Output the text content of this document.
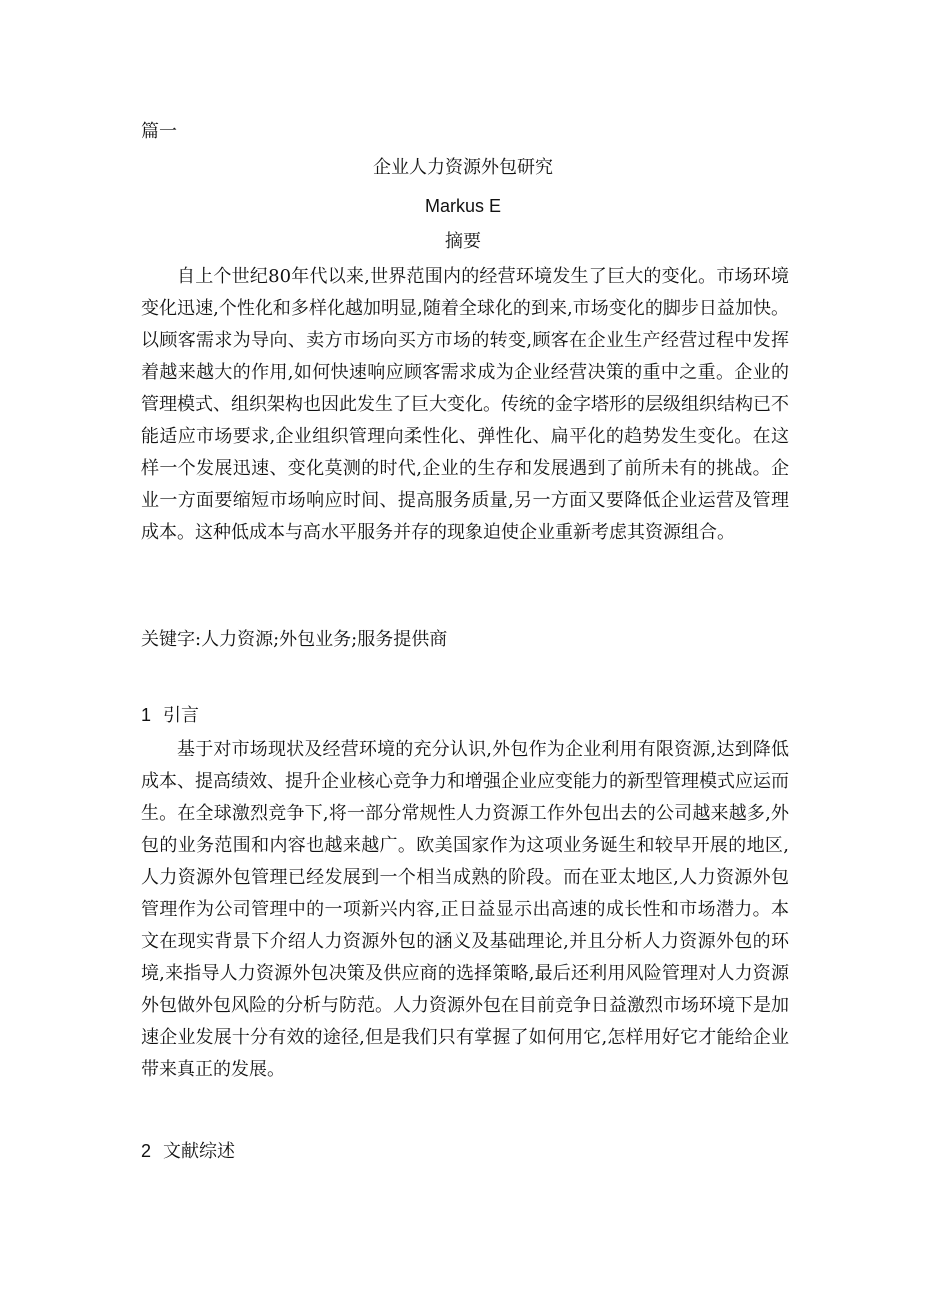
篇一
企业人力资源外包研究
Markus E
摘要

自上个世纪80年代以来,世界范围内的经营环境发生了巨大的变化。市场环境变化迅速,个性化和多样化越加明显,随着全球化的到来,市场变化的脚步日益加快。以顾客需求为导向、卖方市场向买方市场的转变,顾客在企业生产经营过程中发挥着越来越大的作用,如何快速响应顾客需求成为企业经营决策的重中之重。企业的管理模式、组织架构也因此发生了巨大变化。传统的金字塔形的层级组织结构已不能适应市场要求,企业组织管理向柔性化、弹性化、扁平化的趋势发生变化。在这样一个发展迅速、变化莫测的时代,企业的生存和发展遇到了前所未有的挑战。企业一方面要缩短市场响应时间、提高服务质量,另一方面又要降低企业运营及管理成本。这种低成本与高水平服务并存的现象迫使企业重新考虑其资源组合。

关键字:人力资源;外包业务;服务提供商
1 引言

基于对市场现状及经营环境的充分认识,外包作为企业利用有限资源,达到降低成本、提高绩效、提升企业核心竞争力和增强企业应变能力的新型管理模式应运而生。在全球激烈竞争下,将一部分常规性人力资源工作外包出去的公司越来越多,外包的业务范围和内容也越来越广。欧美国家作为这项业务诞生和较早开展的地区,人力资源外包管理已经发展到一个相当成熟的阶段。而在亚太地区,人力资源外包管理作为公司管理中的一项新兴内容,正日益显示出高速的成长性和市场潜力。本文在现实背景下介绍人力资源外包的涵义及基础理论,并且分析人力资源外包的环境,来指导人力资源外包决策及供应商的选择策略,最后还利用风险管理对人力资源外包做外包风险的分析与防范。人力资源外包在目前竞争日益激烈市场环境下是加速企业发展十分有效的途径,但是我们只有掌握了如何用它,怎样用好它才能给企业带来真正的发展。

2 文献综述
